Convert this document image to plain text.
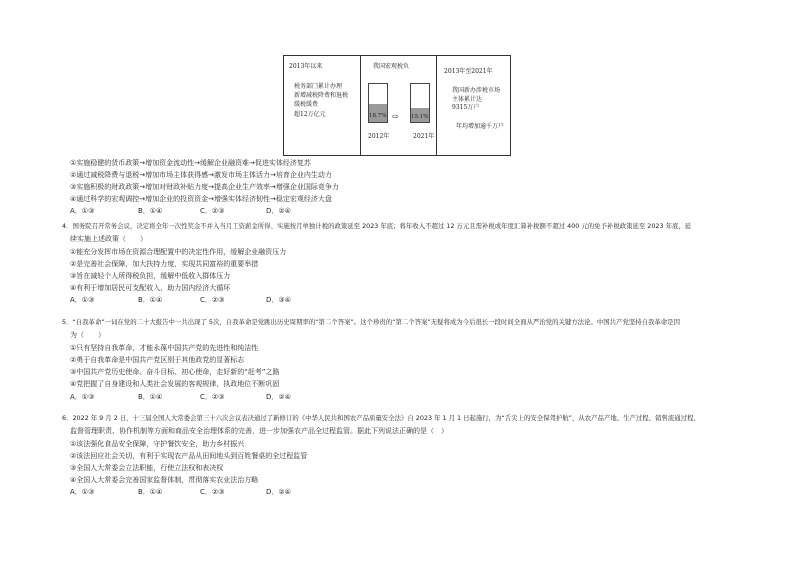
2013年以来
税务部门累计办理
新增减税降费和退税
缓税缓费
超12万亿元
我国宏观税负
18.7%
2012年
⇨ 15.1%
2021年
2013年至2021年
我国新办涉税市场
主体累计达
9315万户
年均增加逾千万户
①实施稳健的货币政策→增加资金流动性→缓解企业融资难→促进实体经济复苏
②通过减税降费与退税→增加市场主体获得感→激发市场主体活力→培育企业内生动力
③实施积极的财政政策→增加对财政补贴力度→提高企业生产效率→增强企业国际竞争力
④通过科学的宏观调控→增加企业的投资资金→增强实体经济韧性→稳定宏观经济大盘
A．①③	B．①④	C．②③	D．②④
4．国务院召开常务会议，决定将全年一次性奖金不并入当月工资薪金所得、实施按月单独计税的政策延至 2023 年底；将年收入不超过 12 万元且需补税或年度汇算补税额不超过 400 元的免予补税政策延至 2023 年底，延
续实施上述政策（　　）
①能充分发挥市场在资源合理配置中的决定性作用，缓解企业融资压力
②是完善社会保障，加大扶持力度，实现共同富裕的重要举措
③旨在减轻个人所得税负担，缓解中低收入群体压力
④有利于增加居民可支配收入，助力国内经济大循环
A．①③	B．①④	C．②③	D．③④
5．“自我革命”一词在党的二十大报告中一共出现了 5次，自我革命是党跳出历史周期率的“第二个答案”。这个珍贵的“第二个答案”无疑将成为今后很长一段时间全面从严治党的关键方法论。中国共产党坚持自我革命是因
为（　　）
①只有坚持自我革命，才能永葆中国共产党的先进性和纯洁性
②勇于自我革命是中国共产党区别于其他政党的显著标志
③中国共产党历史使命、奋斗目标、初心使命，走好新的“赶考”之路
④党把握了自身建设和人类社会发展的客观规律，执政地位不断巩固
A．①③	B．①④	C．②③	D．②④
6．2022 年 9 月 2 日，十三届全国人大常委会第三十六次会议表决通过了新修订的《中华人民共和国农产品质量安全法》自 2023 年 1 月 1 日起施行，为“舌尖上的安全保驾护航”，从农产品产地、生产过程、销售流通过程、
监督管理职责、协作机制等方面和商品安全治理体系的完善，进一步加强农产品全过程监管。据此下列说法正确的是（　）
①该法强化食品安全保障，守护餐饮安全，助力乡村振兴
②该法回应社会关切，有利于实现农产品从田间地头到百姓餐桌的全过程监管
③全国人大常委会立法职能，行使立法权和表决权
④全国人大常委会完善国家监督体制，贯彻落实农业法治方略
A．①③	B．①④	C．②③	D．②④
